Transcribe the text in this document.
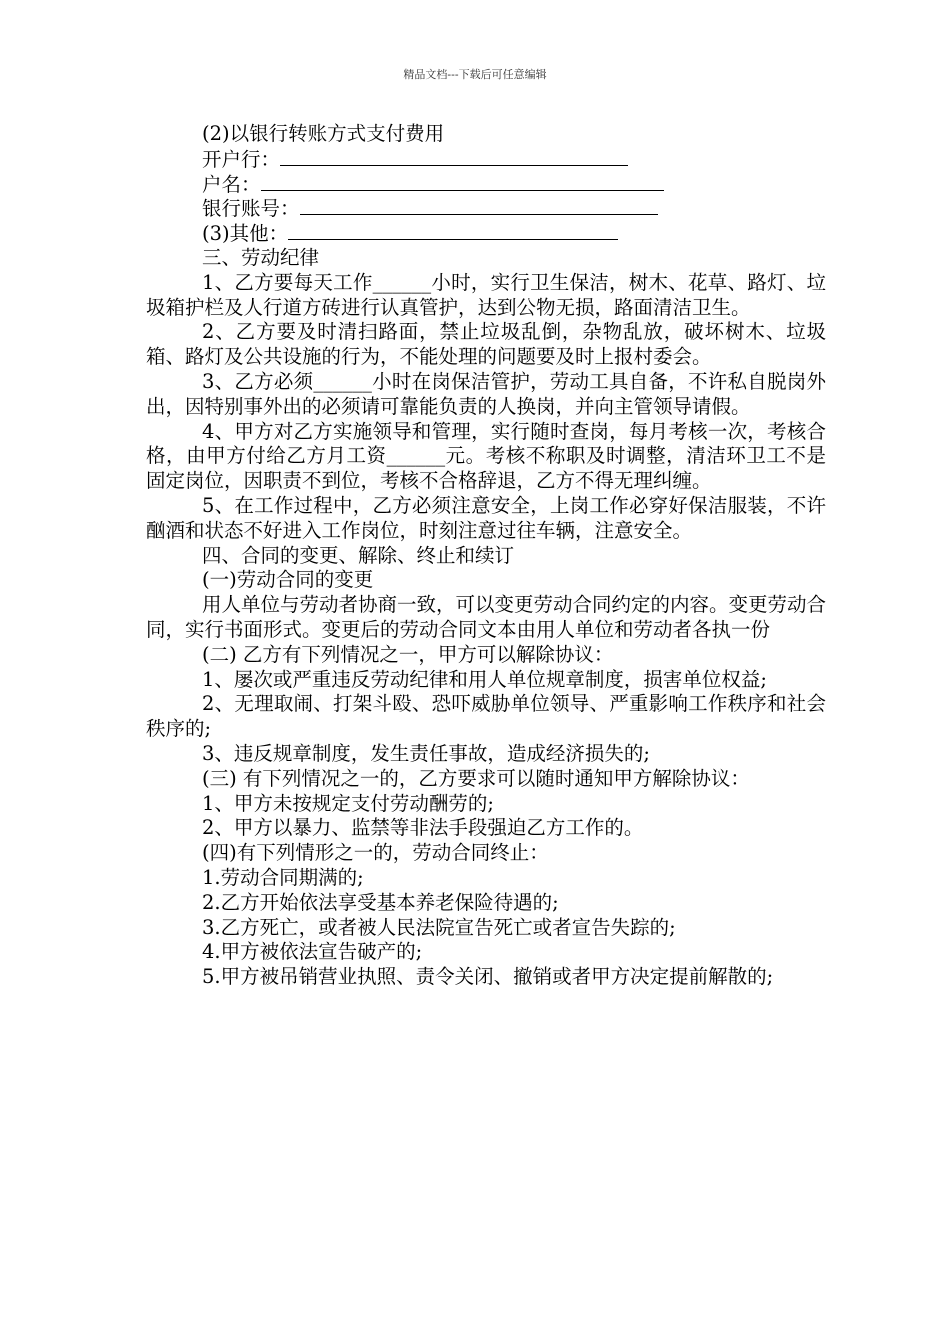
精品文档---下载后可任意编辑

(2)以银行转账方式支付费用

开户行：
户名：
银行账号：
(3)其他：

三、劳动纪律

1、乙方要每天工作______小时，实行卫生保洁，树木、花草、路灯、垃圾箱护栏及人行道方砖进行认真管护，达到公物无损，路面清洁卫生。

2、乙方要及时清扫路面，禁止垃圾乱倒，杂物乱放，破坏树木、垃圾箱、路灯及公共设施的行为，不能处理的问题要及时上报村委会。

3、乙方必须______小时在岗保洁管护，劳动工具自备，不许私自脱岗外出，因特别事外出的必须请可靠能负责的人换岗，并向主管领导请假。

4、甲方对乙方实施领导和管理，实行随时查岗，每月考核一次，考核合格，由甲方付给乙方月工资______元。考核不称职及时调整，清洁环卫工不是固定岗位，因职责不到位，考核不合格辞退，乙方不得无理纠缠。

5、在工作过程中，乙方必须注意安全，上岗工作必穿好保洁服装，不许酗酒和状态不好进入工作岗位，时刻注意过往车辆，注意安全。

四、合同的变更、解除、终止和续订

(一)劳动合同的变更

用人单位与劳动者协商一致，可以变更劳动合同约定的内容。变更劳动合同，实行书面形式。变更后的劳动合同文本由用人单位和劳动者各执一份

(二) 乙方有下列情况之一，甲方可以解除协议：

1、屡次或严重违反劳动纪律和用人单位规章制度，损害单位权益;

2、无理取闹、打架斗殴、恐吓威胁单位领导、严重影响工作秩序和社会秩序的;

3、违反规章制度，发生责任事故，造成经济损失的;

(三) 有下列情况之一的，乙方要求可以随时通知甲方解除协议：

1、甲方未按规定支付劳动酬劳的;

2、甲方以暴力、监禁等非法手段强迫乙方工作的。

(四)有下列情形之一的，劳动合同终止：

1.劳动合同期满的;

2.乙方开始依法享受基本养老保险待遇的;

3.乙方死亡，或者被人民法院宣告死亡或者宣告失踪的;

4.甲方被依法宣告破产的;

5.甲方被吊销营业执照、责令关闭、撤销或者甲方决定提前解散的;
